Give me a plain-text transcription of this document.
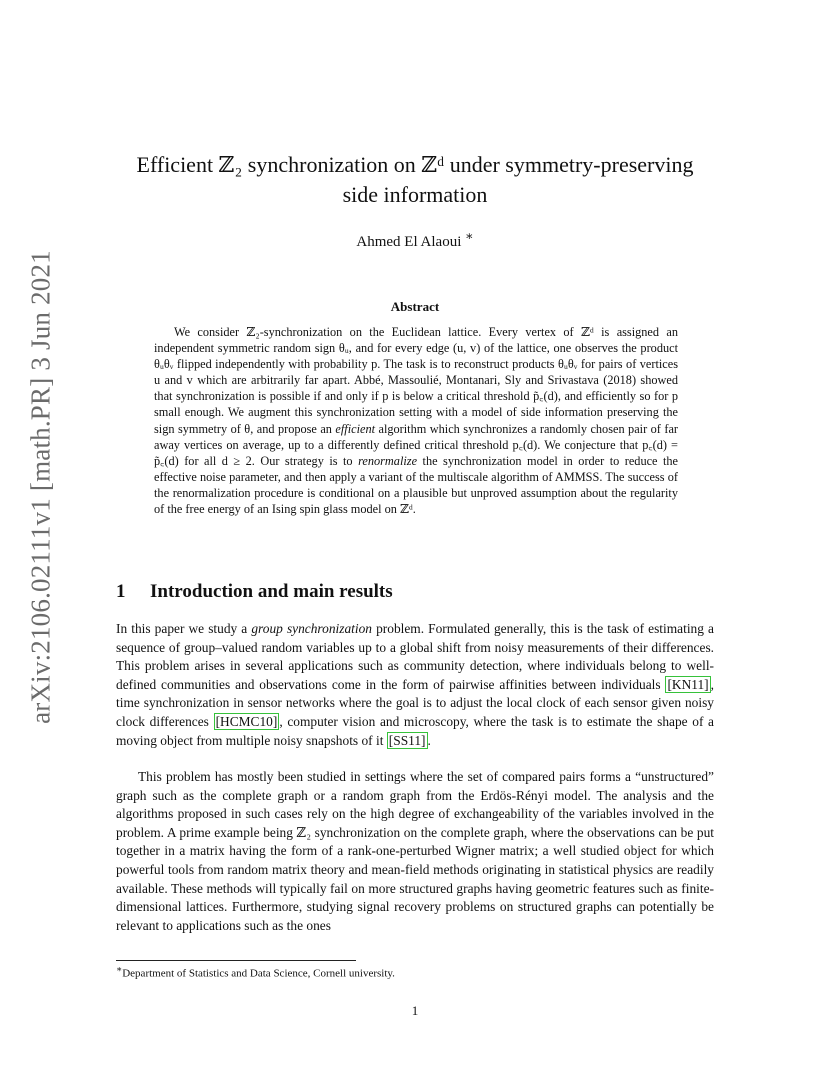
arXiv:2106.02111v1 [math.PR] 3 Jun 2021
Efficient ℤ₂ synchronization on ℤᵈ under symmetry-preserving
side information
Ahmed El Alaoui ∗
Abstract
We consider ℤ₂-synchronization on the Euclidean lattice. Every vertex of ℤᵈ is assigned an independent symmetric random sign θᵤ, and for every edge (u, v) of the lattice, one observes the product θᵤθᵥ flipped independently with probability p. The task is to reconstruct products θᵤθᵥ for pairs of vertices u and v which are arbitrarily far apart. Abbé, Massoulié, Montanari, Sly and Srivastava (2018) showed that synchronization is possible if and only if p is below a critical threshold p̃꜀(d), and efficiently so for p small enough. We augment this synchronization setting with a model of side information preserving the sign symmetry of θ, and propose an efficient algorithm which synchronizes a randomly chosen pair of far away vertices on average, up to a differently defined critical threshold p꜀(d). We conjecture that p꜀(d) = p̃꜀(d) for all d ≥ 2. Our strategy is to renormalize the synchronization model in order to reduce the effective noise parameter, and then apply a variant of the multiscale algorithm of AMMSS. The success of the renormalization procedure is conditional on a plausible but unproved assumption about the regularity of the free energy of an Ising spin glass model on ℤᵈ.
1 Introduction and main results
In this paper we study a group synchronization problem. Formulated generally, this is the task of estimating a sequence of group–valued random variables up to a global shift from noisy measurements of their differences. This problem arises in several applications such as community detection, where individuals belong to well-defined communities and observations come in the form of pairwise affinities between individuals [KN11] , time synchronization in sensor networks where the goal is to adjust the local clock of each sensor given noisy clock differences [HCMC10] , computer vision and microscopy, where the task is to estimate the shape of a moving object from multiple noisy snapshots of it [SS11] .
This problem has mostly been studied in settings where the set of compared pairs forms a “unstructured” graph such as the complete graph or a random graph from the Erdös-Rényi model. The analysis and the algorithms proposed in such cases rely on the high degree of exchangeability of the variables involved in the problem. A prime example being ℤ₂ synchronization on the complete graph, where the observations can be put together in a matrix having the form of a rank-one-perturbed Wigner matrix; a well studied object for which powerful tools from random matrix theory and mean-field methods originating in statistical physics are readily available. These methods will typically fail on more structured graphs having geometric features such as finite-dimensional lattices. Furthermore, studying signal recovery problems on structured graphs can potentially be relevant to applications such as the ones
∗Department of Statistics and Data Science, Cornell university.
1
